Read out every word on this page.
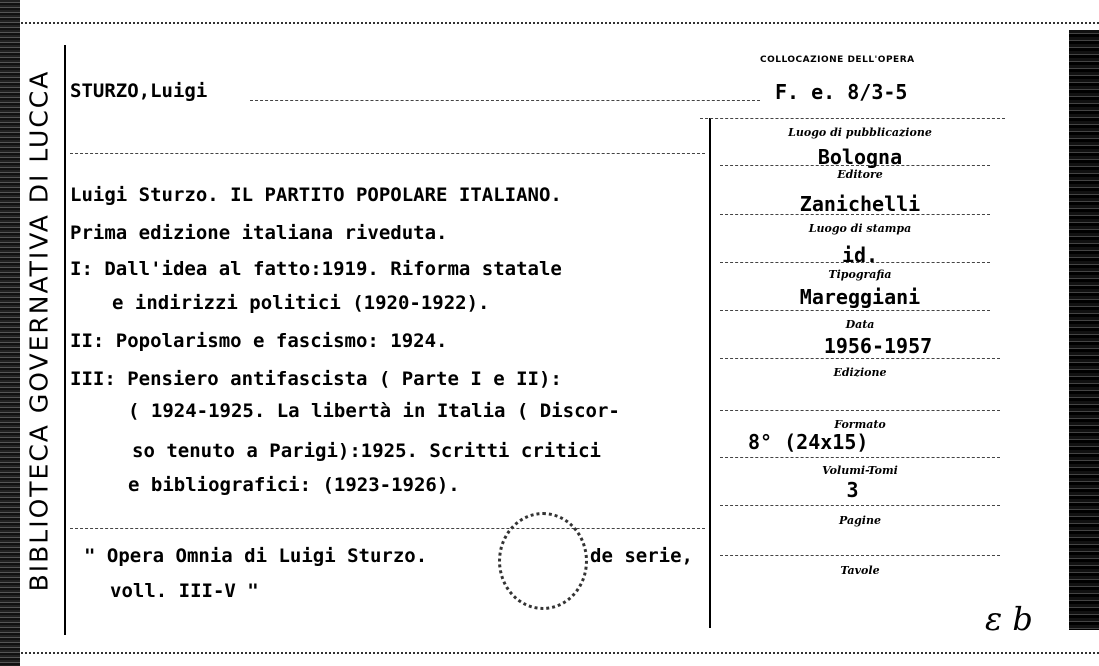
BIBLIOTECA GOVERNATIVA DI LUCCA STURZO,Luigi
COLLOCAZIONE DELL'OPERA
F. e. 8/3-5
Luigi Sturzo. IL PARTITO POPOLARE ITALIANO.
Prima edizione italiana riveduta.
I: Dall'idea al fatto:1919. Riforma statale
e indirizzi politici (1920-1922).
II: Popolarismo e fascismo: 1924.
III: Pensiero antifascista ( Parte I e II):
( 1924-1925. La libertà in Italia ( Discor-
so tenuto a Parigi):1925. Scritti critici
e bibliografici: (1923-1926).
" Opera Omnia di Luigi Sturzo.	de serie,
voll. III-V "
Luogo di pubblicazione
Bologna
Editore
Zanichelli
Luogo di stampa
id.
Tipografia
Mareggiani
Data
1956-1957
Edizione
Formato
8° (24x15)
Volumi-Tomi
3
Pagine
Tavole
ε b
